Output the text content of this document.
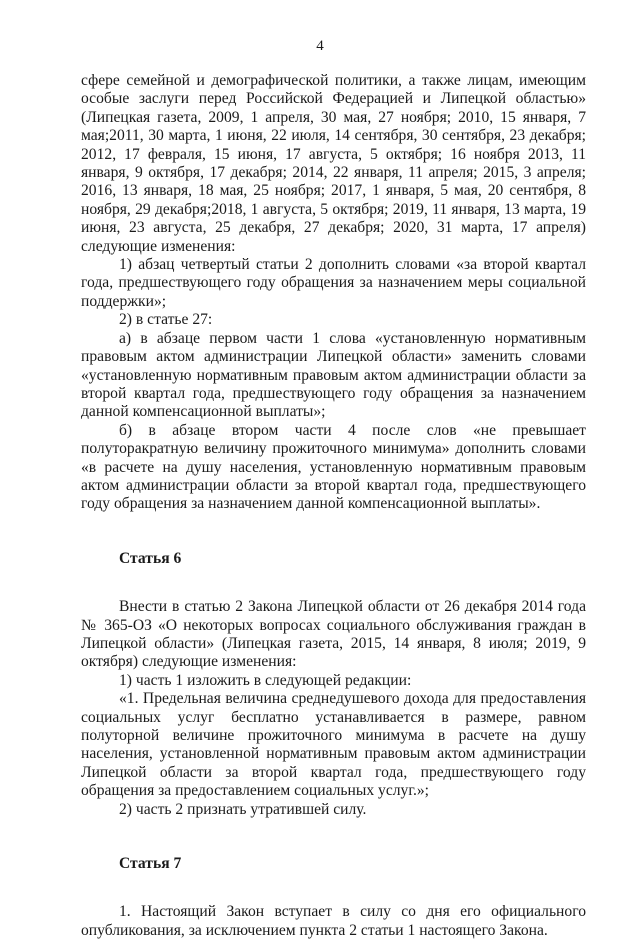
4

сфере семейной и демографической политики, а также лицам, имеющим особые заслуги перед Российской Федерацией и Липецкой областью» (Липецкая газета, 2009, 1 апреля, 30 мая, 27 ноября; 2010, 15 января, 7 мая;2011, 30 марта, 1 июня, 22 июля, 14 сентября, 30 сентября, 23 декабря; 2012, 17 февраля, 15 июня, 17 августа, 5 октября; 16 ноября 2013, 11 января, 9 октября, 17 декабря; 2014, 22 января, 11 апреля; 2015, 3 апреля; 2016, 13 января, 18 мая, 25 ноября; 2017, 1 января, 5 мая, 20 сентября, 8 ноября, 29 декабря;2018, 1 августа, 5 октября; 2019, 11 января, 13 марта, 19 июня, 23 августа, 25 декабря, 27 декабря; 2020, 31 марта, 17 апреля) следующие изменения:

1) абзац четвертый статьи 2 дополнить словами «за второй квартал года, предшествующего году обращения за назначением меры социальной поддержки»;

2) в статье 27:

а) в абзаце первом части 1 слова «установленную нормативным правовым актом администрации Липецкой области» заменить словами «установленную нормативным правовым актом администрации области за второй квартал года, предшествующего году обращения за назначением данной компенсационной выплаты»;

б) в абзаце втором части 4 после слов «не превышает полуторакратную величину прожиточного минимума» дополнить словами «в расчете на душу населения, установленную нормативным правовым актом администрации области за второй квартал года, предшествующего году обращения за назначением данной компенсационной выплаты».

Статья 6

Внести в статью 2 Закона Липецкой области от 26 декабря 2014 года № 365-ОЗ «О некоторых вопросах социального обслуживания граждан в Липецкой области» (Липецкая газета, 2015, 14 января, 8 июля; 2019, 9 октября) следующие изменения:

1) часть 1 изложить в следующей редакции:

«1. Предельная величина среднедушевого дохода для предоставления социальных услуг бесплатно устанавливается в размере, равном полуторной величине прожиточного минимума в расчете на душу населения, установленной нормативным правовым актом администрации Липецкой области за второй квартал года, предшествующего году обращения за предоставлением социальных услуг.»;

2) часть 2 признать утратившей силу.

Статья 7

1. Настоящий Закон вступает в силу со дня его официального опубликования, за исключением пункта 2 статьи 1 настоящего Закона.
